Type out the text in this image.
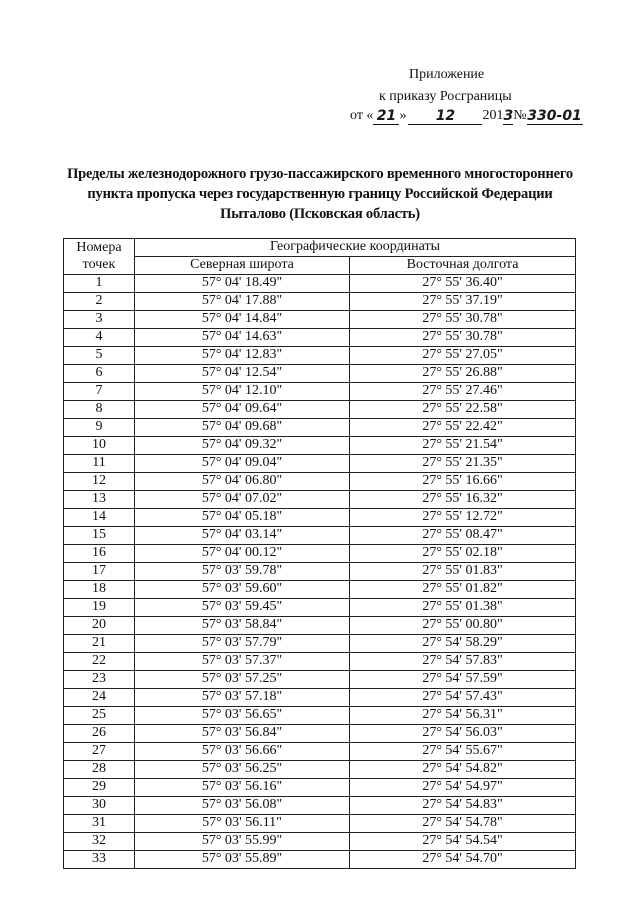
Приложение
к приказу Росграницы
от « 21 »	12	201 3 № 330-01
Пределы железнодорожного грузо-пассажирского временного многостороннего
пункта пропуска через государственную границу Российской Федерации
Пыталово (Псковская область)
Номера точек	Географические координаты	
	Северная широта	Восточная долгота
1	57° 04' 18.49"	27° 55' 36.40"
2	57° 04' 17.88"	27° 55' 37.19"
3	57° 04' 14.84"	27° 55' 30.78"
4	57° 04' 14.63"	27° 55' 30.78"
5	57° 04' 12.83"	27° 55' 27.05"
6	57° 04' 12.54"	27° 55' 26.88"
7	57° 04' 12.10"	27° 55' 27.46"
8	57° 04' 09.64"	27° 55' 22.58"
9	57° 04' 09.68"	27° 55' 22.42"
10	57° 04' 09.32"	27° 55' 21.54"
11	57° 04' 09.04"	27° 55' 21.35"
12	57° 04' 06.80"	27° 55' 16.66"
13	57° 04' 07.02"	27° 55' 16.32"
14	57° 04' 05.18"	27° 55' 12.72"
15	57° 04' 03.14"	27° 55' 08.47"
16	57° 04' 00.12"	27° 55' 02.18"
17	57° 03' 59.78"	27° 55' 01.83"
18	57° 03' 59.60"	27° 55' 01.82"
19	57° 03' 59.45"	27° 55' 01.38"
20	57° 03' 58.84"	27° 55' 00.80"
21	57° 03' 57.79"	27° 54' 58.29"
22	57° 03' 57.37"	27° 54' 57.83"
23	57° 03' 57.25"	27° 54' 57.59"
24	57° 03' 57.18"	27° 54' 57.43"
25	57° 03' 56.65"	27° 54' 56.31"
26	57° 03' 56.84"	27° 54' 56.03"
27	57° 03' 56.66"	27° 54' 55.67"
28	57° 03' 56.25"	27° 54' 54.82"
29	57° 03' 56.16"	27° 54' 54.97"
30	57° 03' 56.08"	27° 54' 54.83"
31	57° 03' 56.11"	27° 54' 54.78"
32	57° 03' 55.99"	27° 54' 54.54"
33	57° 03' 55.89"	27° 54' 54.70"
